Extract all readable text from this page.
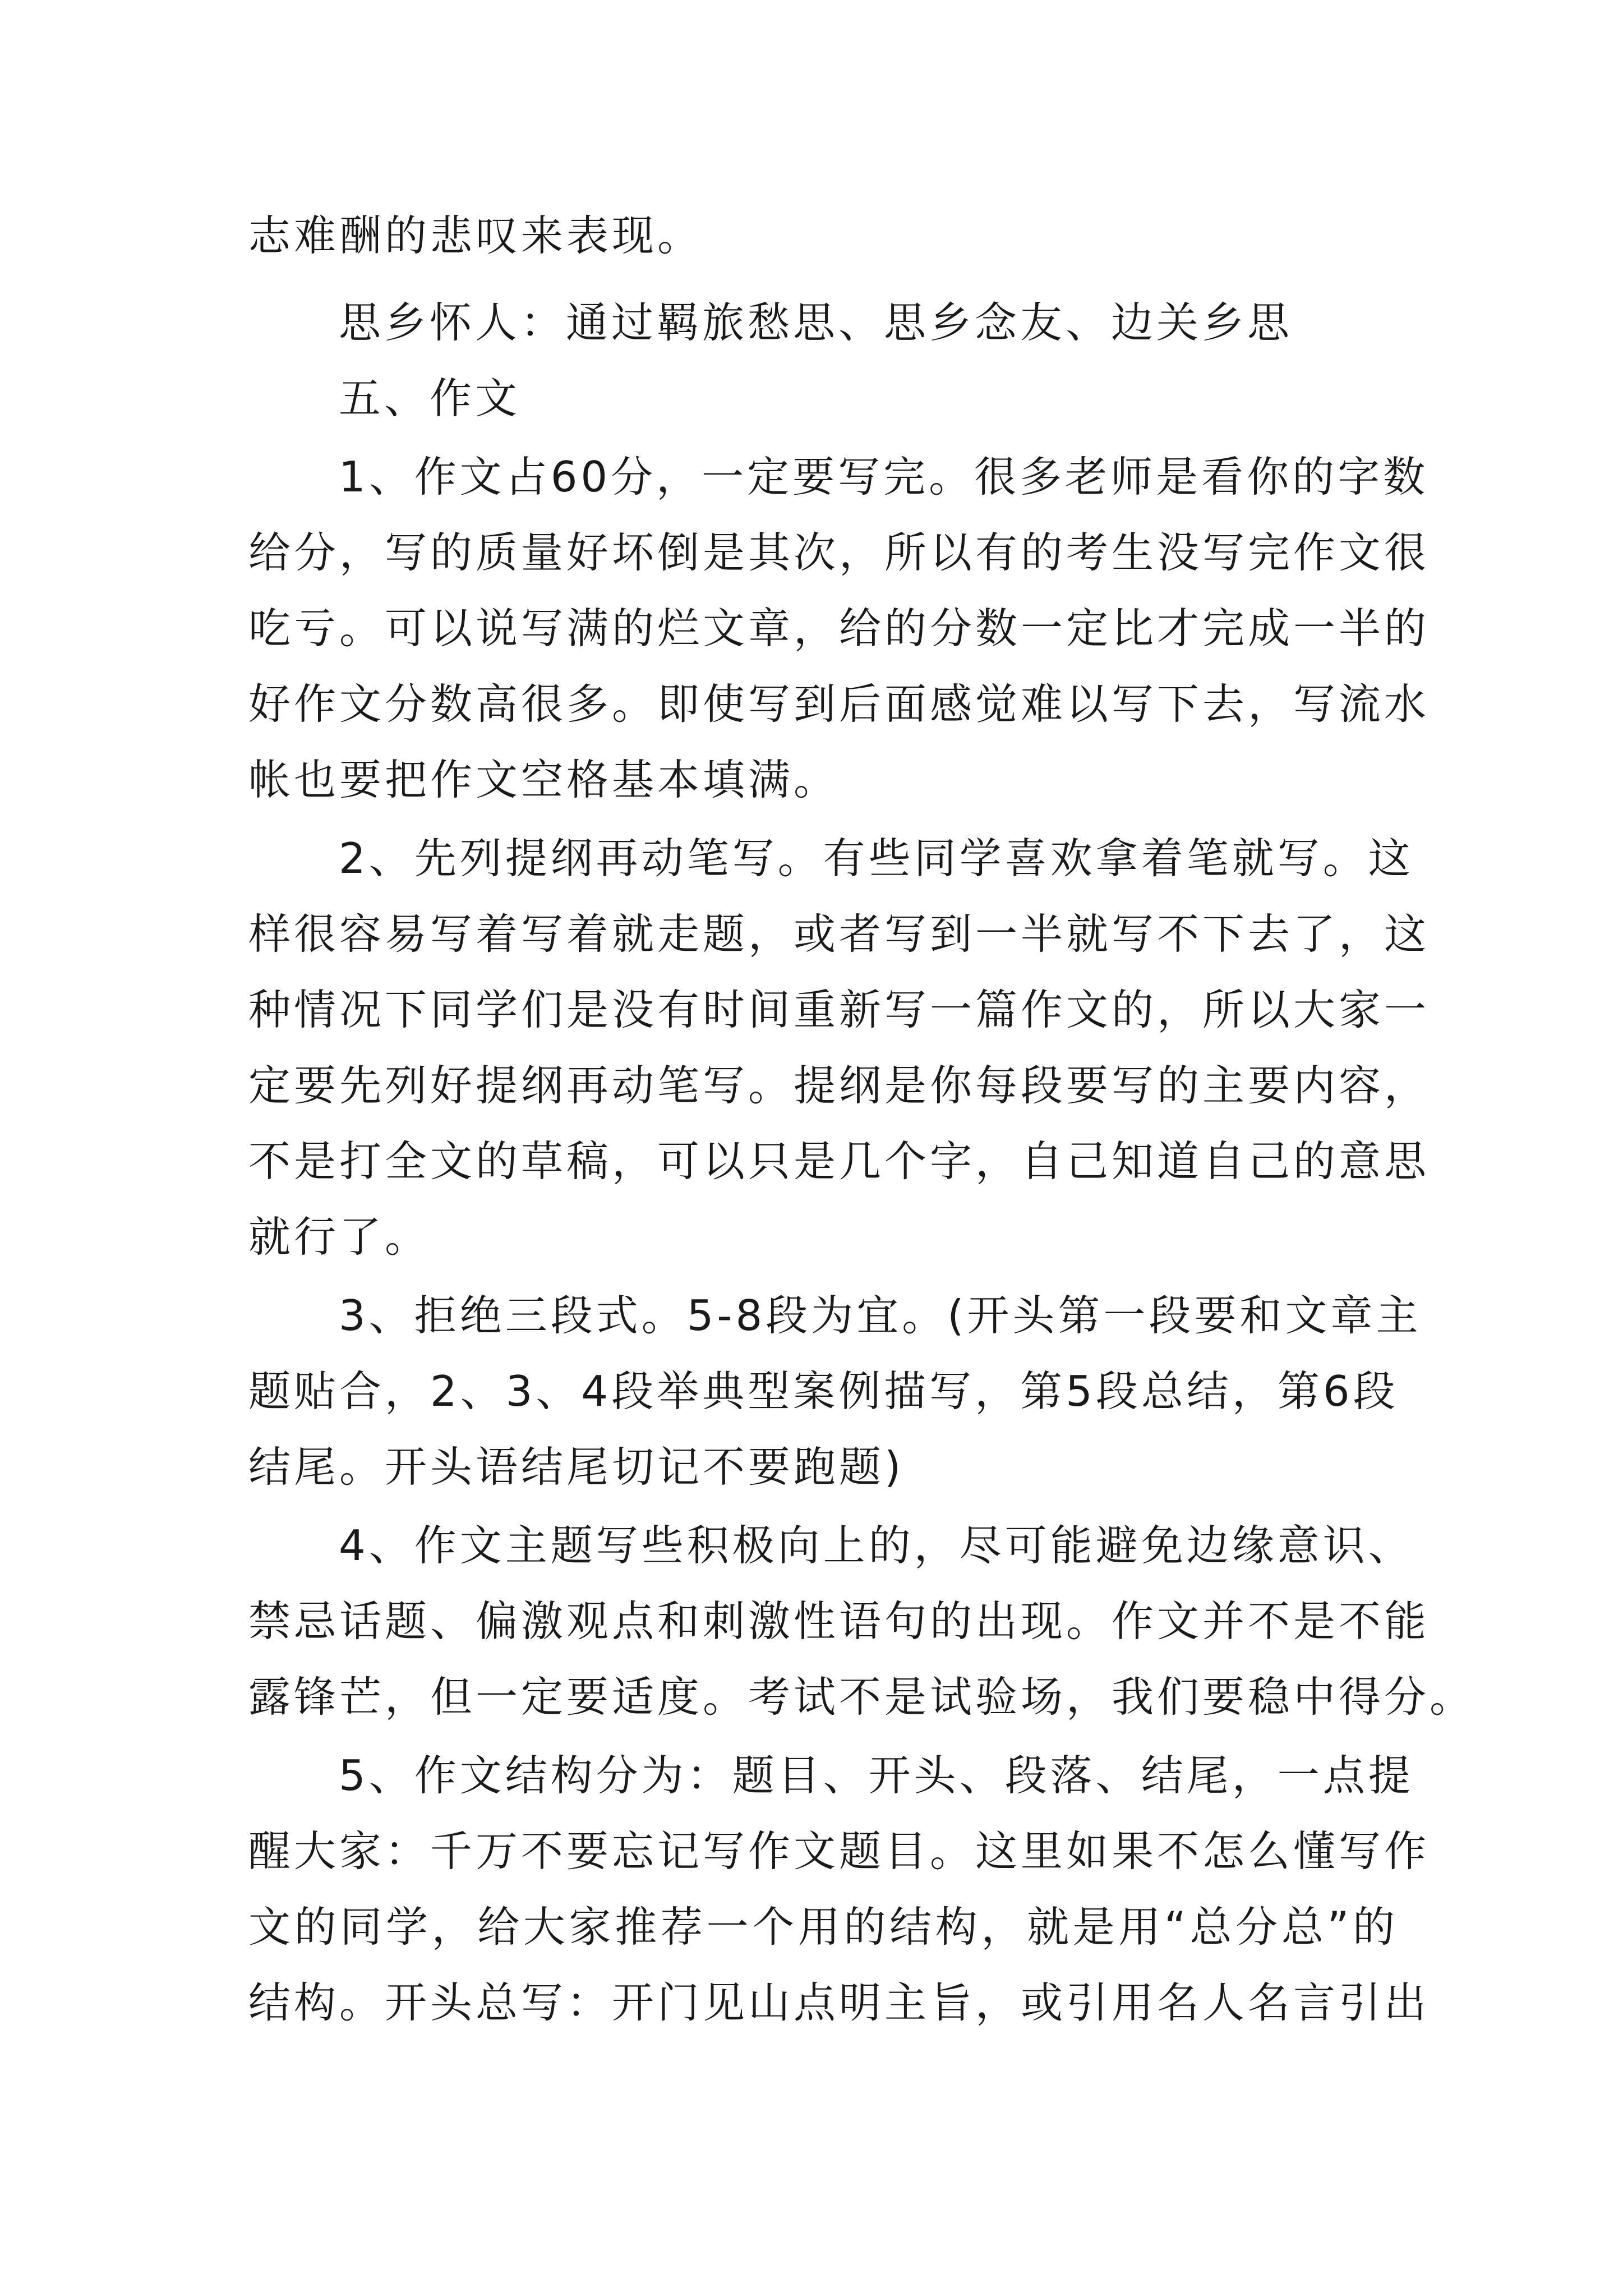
志难酬的悲叹来表现。
思乡怀人：通过羁旅愁思、思乡念友、边关乡思
五、作文
1、作文占60分，一定要写完。很多老师是看你的字数
给分，写的质量好坏倒是其次，所以有的考生没写完作文很
吃亏。可以说写满的烂文章，给的分数一定比才完成一半的
好作文分数高很多。即使写到后面感觉难以写下去，写流水
帐也要把作文空格基本填满。
2、先列提纲再动笔写。有些同学喜欢拿着笔就写。这
样很容易写着写着就走题，或者写到一半就写不下去了，这
种情况下同学们是没有时间重新写一篇作文的，所以大家一
定要先列好提纲再动笔写。提纲是你每段要写的主要内容，
不是打全文的草稿，可以只是几个字，自己知道自己的意思
就行了。
3、拒绝三段式。5-8段为宜。(开头第一段要和文章主
题贴合，2、3、4段举典型案例描写，第5段总结，第6段
结尾。开头语结尾切记不要跑题)
4、作文主题写些积极向上的，尽可能避免边缘意识、
禁忌话题、偏激观点和刺激性语句的出现。作文并不是不能
露锋芒，但一定要适度。考试不是试验场，我们要稳中得分。
5、作文结构分为：题目、开头、段落、结尾，一点提
醒大家：千万不要忘记写作文题目。这里如果不怎么懂写作
文的同学，给大家推荐一个用的结构，就是用“总分总”的
结构。开头总写：开门见山点明主旨，或引用名人名言引出
